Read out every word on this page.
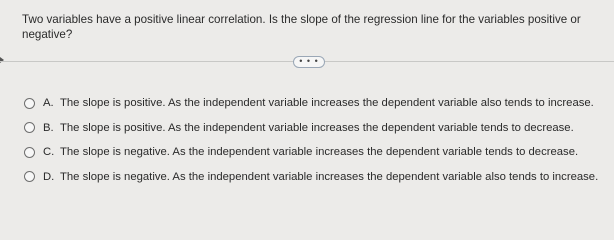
Two variables have a positive linear correlation. Is the slope of the regression line for the variables positive or negative?
• • •
A. The slope is positive. As the independent variable increases the dependent variable also tends to increase.
B. The slope is positive. As the independent variable increases the dependent variable tends to decrease.
C. The slope is negative. As the independent variable increases the dependent variable tends to decrease.
D. The slope is negative. As the independent variable increases the dependent variable also tends to increase.
